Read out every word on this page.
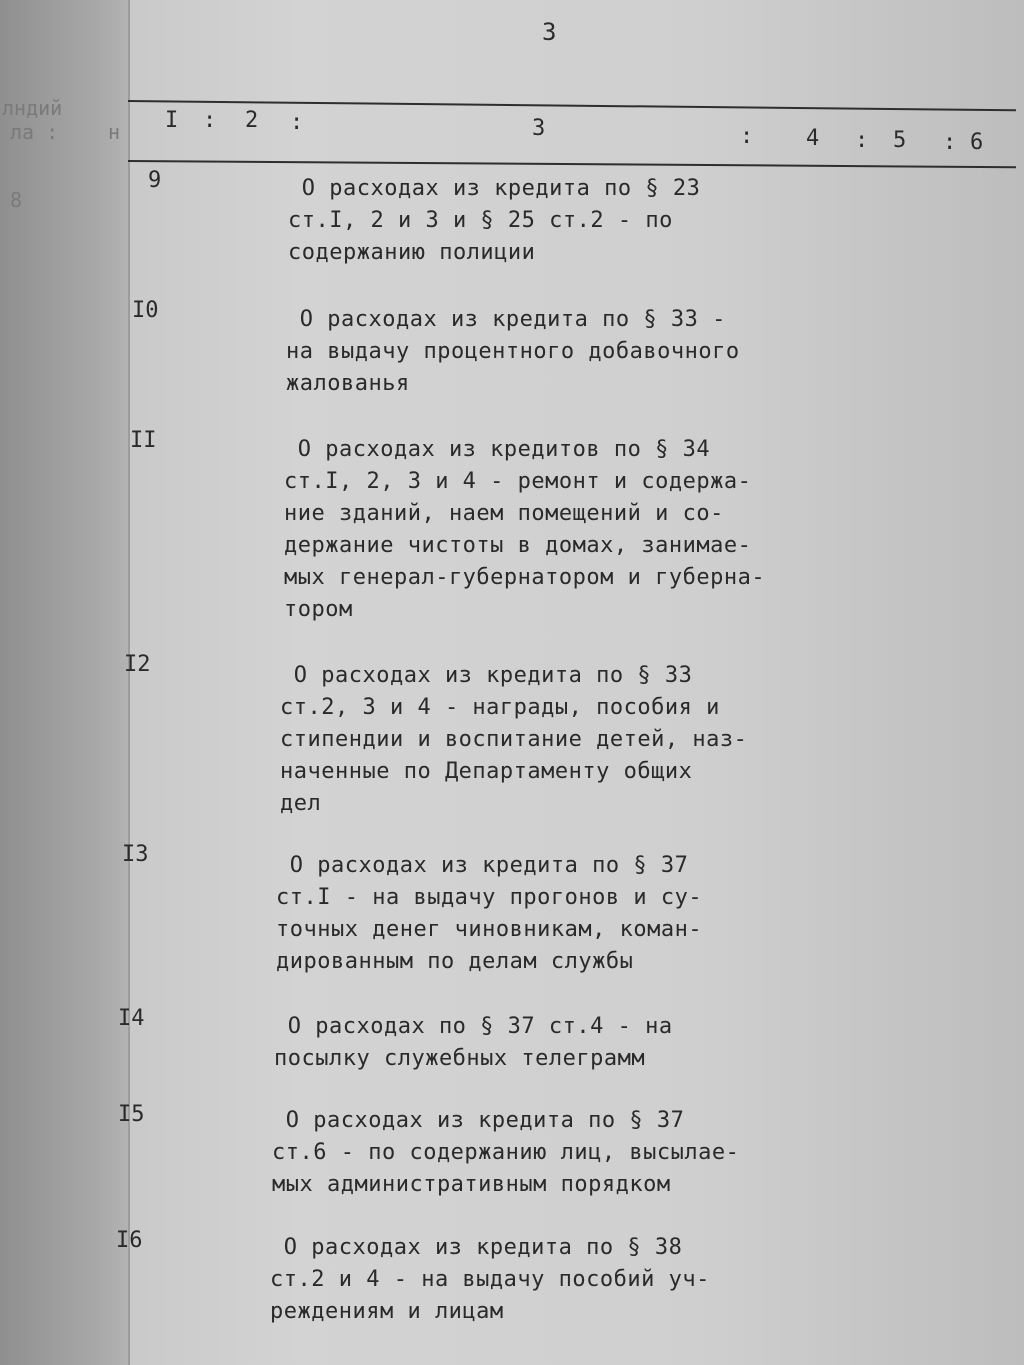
лндий
ла : н
8
3
I : 2 :	3	: 4 : 5 : 6

9	О расходах из кредита по § 23
ст.I, 2 и 3 и § 25 ст.2 - по
содержанию полиции
I0	О расходах из кредита по § 33 -
на выдачу процентного добавочного
жалованья
II	О расходах из кредитов по § 34
ст.I, 2, 3 и 4 - ремонт и содержа-
ние зданий, наем помещений и со-
держание чистоты в домах, занимае-
мых генерал-губернатором и губерна-
тором
I2	О расходах из кредита по § 33
ст.2, 3 и 4 - награды, пособия и
стипендии и воспитание детей, наз-
наченные по Департаменту общих
дел
I3	О расходах из кредита по § 37
ст.I - на выдачу прогонов и су-
точных денег чиновникам, коман-
дированным по делам службы
I4	О расходах по § 37 ст.4 - на
посылку служебных телеграмм
I5	О расходах из кредита по § 37
ст.6 - по содержанию лиц, высылае-
мых административным порядком
I6	О расходах из кредита по § 38
ст.2 и 4 - на выдачу пособий уч-
реждениям и лицам
